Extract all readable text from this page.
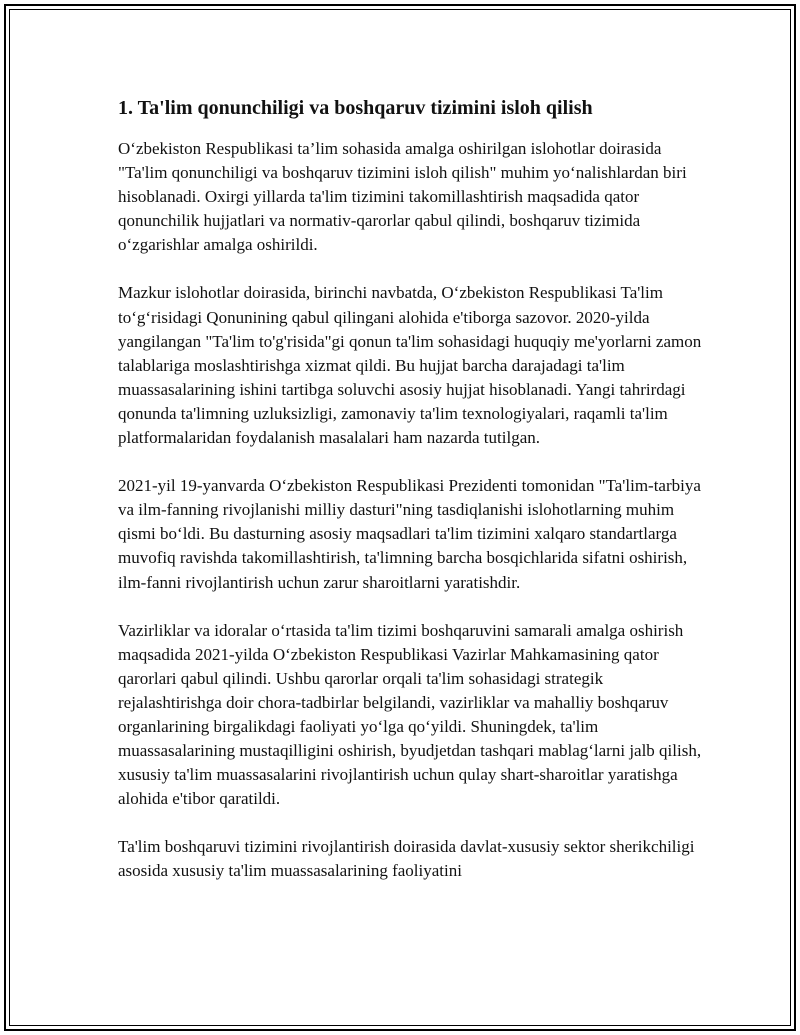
1. Ta'lim qonunchiligi va boshqaruv tizimini isloh qilish

O‘zbekiston Respublikasi ta’lim sohasida amalga oshirilgan islohotlar doirasida "Ta'lim qonunchiligi va boshqaruv tizimini isloh qilish" muhim yo‘nalishlardan biri hisoblanadi. Oxirgi yillarda ta'lim tizimini takomillashtirish maqsadida qator qonunchilik hujjatlari va normativ-qarorlar qabul qilindi, boshqaruv tizimida o‘zgarishlar amalga oshirildi.

Mazkur islohotlar doirasida, birinchi navbatda, O‘zbekiston Respublikasi Ta'lim to‘g‘risidagi Qonunining qabul qilingani alohida e'tiborga sazovor. 2020-yilda yangilangan "Ta'lim to'g'risida"gi qonun ta'lim sohasidagi huquqiy me'yorlarni zamon talablariga moslashtirishga xizmat qildi. Bu hujjat barcha darajadagi ta'lim muassasalarining ishini tartibga soluvchi asosiy hujjat hisoblanadi. Yangi tahrirdagi qonunda ta'limning uzluksizligi, zamonaviy ta'lim texnologiyalari, raqamli ta'lim platformalaridan foydalanish masalalari ham nazarda tutilgan.

2021-yil 19-yanvarda O‘zbekiston Respublikasi Prezidenti tomonidan "Ta'lim-tarbiya va ilm-fanning rivojlanishi milliy dasturi"ning tasdiqlanishi islohotlarning muhim qismi bo‘ldi. Bu dasturning asosiy maqsadlari ta'lim tizimini xalqaro standartlarga muvofiq ravishda takomillashtirish, ta'limning barcha bosqichlarida sifatni oshirish, ilm-fanni rivojlantirish uchun zarur sharoitlarni yaratishdir.

Vazirliklar va idoralar o‘rtasida ta'lim tizimi boshqaruvini samarali amalga oshirish maqsadida 2021-yilda O‘zbekiston Respublikasi Vazirlar Mahkamasining qator qarorlari qabul qilindi. Ushbu qarorlar orqali ta'lim sohasidagi strategik rejalashtirishga doir chora-tadbirlar belgilandi, vazirliklar va mahalliy boshqaruv organlarining birgalikdagi faoliyati yo‘lga qo‘yildi. Shuningdek, ta'lim muassasalarining mustaqilligini oshirish, byudjetdan tashqari mablag‘larni jalb qilish, xususiy ta'lim muassasalarini rivojlantirish uchun qulay shart-sharoitlar yaratishga alohida e'tibor qaratildi.

Ta'lim boshqaruvi tizimini rivojlantirish doirasida davlat-xususiy sektor sherikchiligi asosida xususiy ta'lim muassasalarining faoliyatini
